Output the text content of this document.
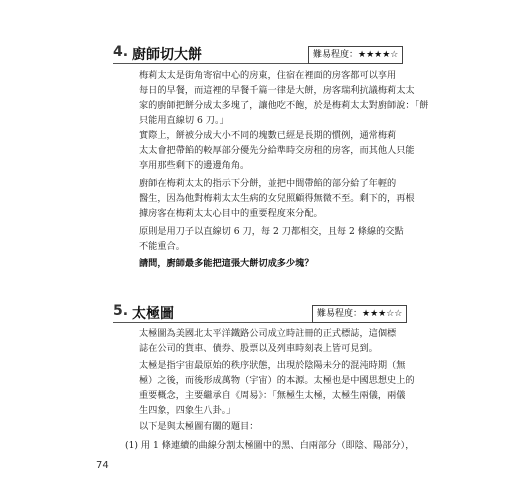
4. 廚師切大餅	難易程度：★★★★☆
梅莉太太是街角寄宿中心的房東，住宿在裡面的房客都可以享用
每日的早餐，而這裡的早餐千篇一律是大餅，房客瑞利抗議梅莉太太
家的廚師把餅分成太多塊了，讓他吃不飽，於是梅莉太太對廚師說：「餅
只能用直線切 6 刀。」
實際上，餅被分成大小不同的塊數已經是長期的慣例，通常梅莉
太太會把帶餡的較厚部分優先分給準時交房租的房客，而其他人只能
享用那些剩下的邊邊角角。
廚師在梅莉太太的指示下分餅，並把中間帶餡的部分給了年輕的
醫生，因為他對梅莉太太生病的女兒照顧得無微不至。剩下的，再根
據房客在梅莉太太心目中的重要程度來分配。
原則是用刀子以直線切 6 刀，每 2 刀都相交，且每 2 條線的交點
不能重合。
請問，廚師最多能把這張大餅切成多少塊？
5. 太極圖	難易程度：★★★☆☆
太極圖為美國北太平洋鐵路公司成立時註冊的正式標誌，這個標
誌在公司的貨車、債券、股票以及列車時刻表上皆可見到。
太極是指宇宙最原始的秩序狀態，出現於陰陽未分的混沌時期（無
極）之後，而後形成萬物（宇宙）的本源。太極也是中國思想史上的
重要概念，主要繼承自《周易》：「無極生太極，太極生兩儀，兩儀
生四象，四象生八卦。」
以下是與太極圖有關的題目：
(1) 用 1 條連續的曲線分割太極圖中的黑、白兩部分（即陰、陽部分），
74
